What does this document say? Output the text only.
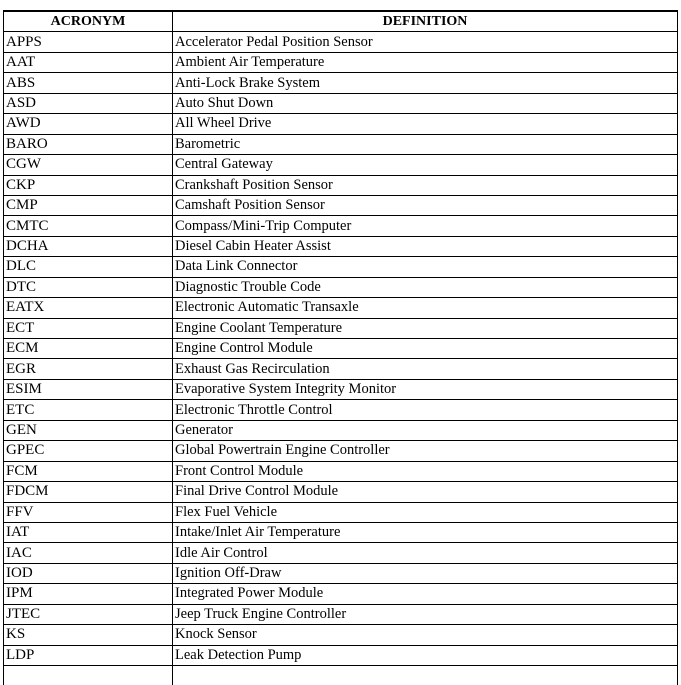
ACRONYM	DEFINITION
APPS	Accelerator Pedal Position Sensor
AAT	Ambient Air Temperature
ABS	Anti-Lock Brake System
ASD	Auto Shut Down
AWD	All Wheel Drive
BARO	Barometric
CGW	Central Gateway
CKP	Crankshaft Position Sensor
CMP	Camshaft Position Sensor
CMTC	Compass/Mini-Trip Computer
DCHA	Diesel Cabin Heater Assist
DLC	Data Link Connector
DTC	Diagnostic Trouble Code
EATX	Electronic Automatic Transaxle
ECT	Engine Coolant Temperature
ECM	Engine Control Module
EGR	Exhaust Gas Recirculation
ESIM	Evaporative System Integrity Monitor
ETC	Electronic Throttle Control
GEN	Generator
GPEC	Global Powertrain Engine Controller
FCM	Front Control Module
FDCM	Final Drive Control Module
FFV	Flex Fuel Vehicle
IAT	Intake/Inlet Air Temperature
IAC	Idle Air Control
IOD	Ignition Off-Draw
IPM	Integrated Power Module
JTEC	Jeep Truck Engine Controller
KS	Knock Sensor
LDP	Leak Detection Pump
